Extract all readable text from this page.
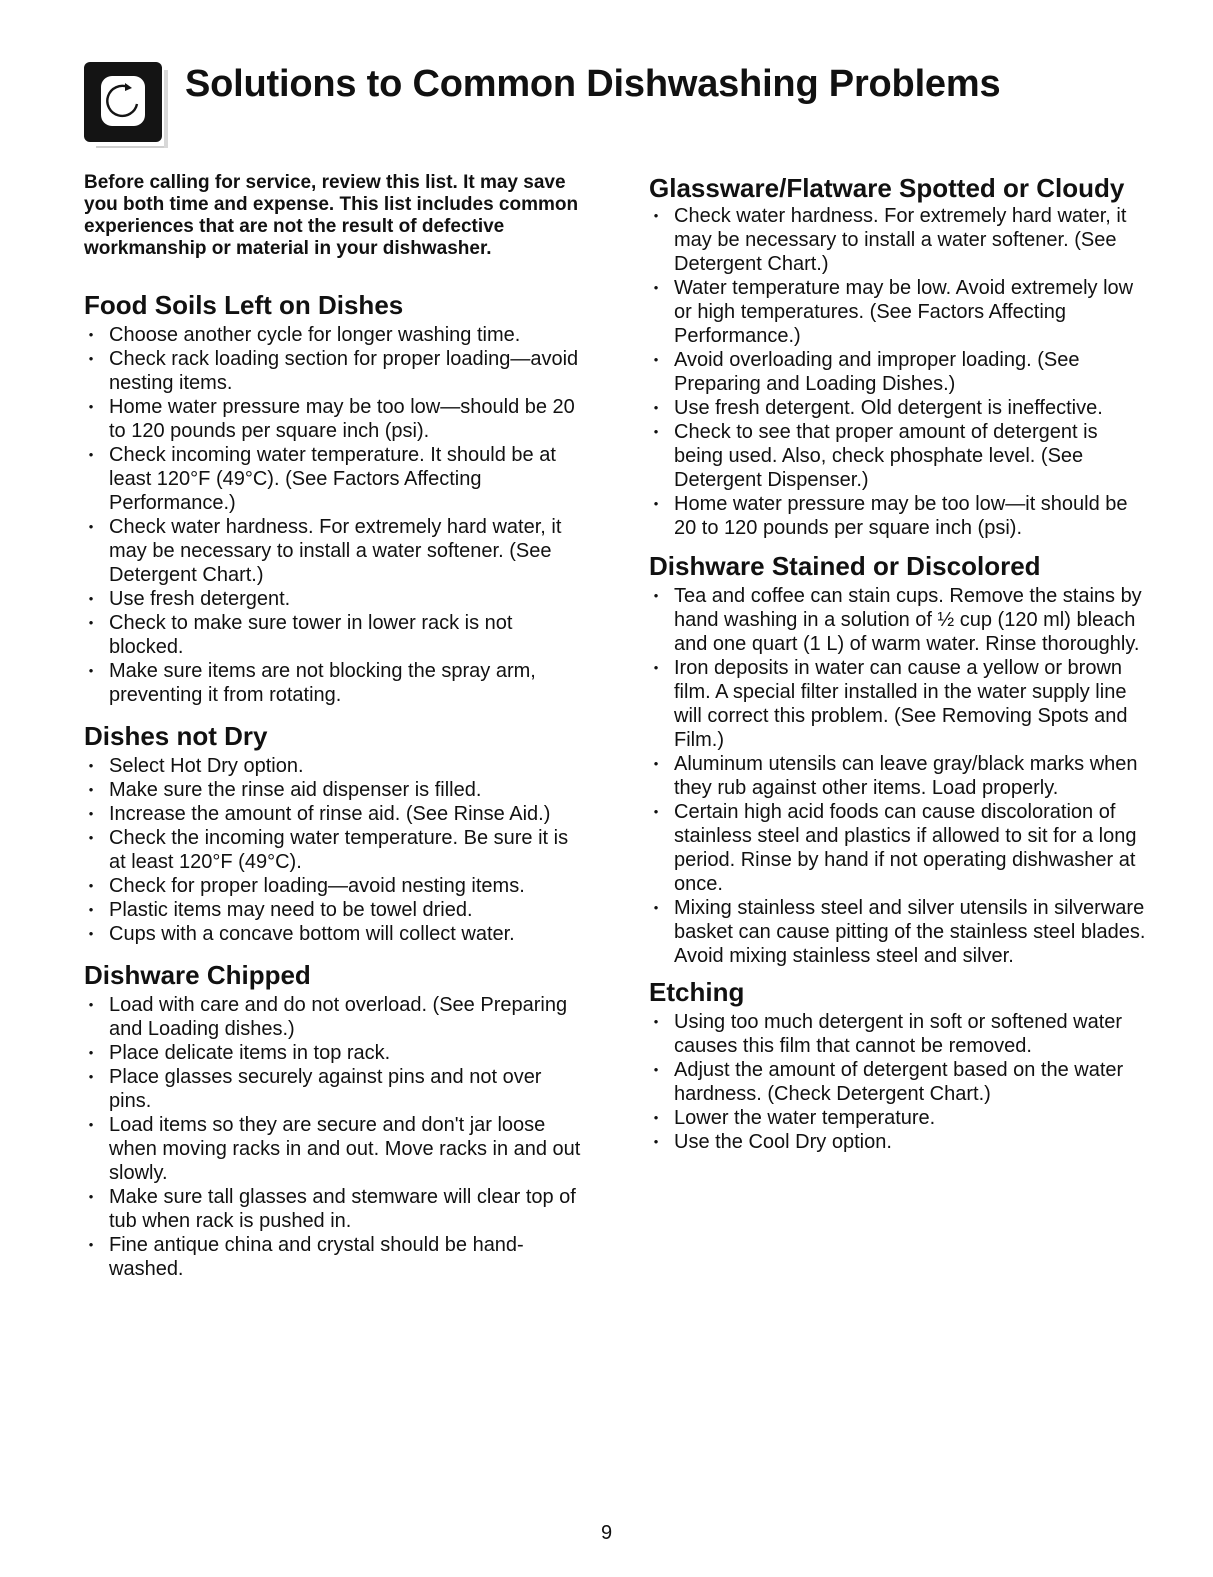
Solutions to Common Dishwashing Problems

Before calling for service, review this list. It may save you both time and expense. This list includes common experiences that are not the result of defective workmanship or material in your dishwasher.

Food Soils Left on Dishes
• Choose another cycle for longer washing time.
• Check rack loading section for proper loading—avoid nesting items.
• Home water pressure may be too low—should be 20 to 120 pounds per square inch (psi).
• Check incoming water temperature. It should be at least 120°F (49°C). (See Factors Affecting Performance.)
• Check water hardness. For extremely hard water, it may be necessary to install a water softener. (See Detergent Chart.)
• Use fresh detergent.
• Check to make sure tower in lower rack is not blocked.
• Make sure items are not blocking the spray arm, preventing it from rotating.
Dishes not Dry
• Select Hot Dry option.
• Make sure the rinse aid dispenser is filled.
• Increase the amount of rinse aid. (See Rinse Aid.)
• Check the incoming water temperature. Be sure it is at least 120°F (49°C).
• Check for proper loading—avoid nesting items.
• Plastic items may need to be towel dried.
• Cups with a concave bottom will collect water.
Dishware Chipped
• Load with care and do not overload. (See Preparing and Loading dishes.)
• Place delicate items in top rack.
• Place glasses securely against pins and not over pins.
• Load items so they are secure and don't jar loose when moving racks in and out. Move racks in and out slowly.
• Make sure tall glasses and stemware will clear top of tub when rack is pushed in.
• Fine antique china and crystal should be hand-washed.
Glassware/Flatware Spotted or Cloudy
• Check water hardness. For extremely hard water, it may be necessary to install a water softener. (See Detergent Chart.)
• Water temperature may be low. Avoid extremely low or high temperatures. (See Factors Affecting Performance.)
• Avoid overloading and improper loading. (See Preparing and Loading Dishes.)
• Use fresh detergent. Old detergent is ineffective.
• Check to see that proper amount of detergent is being used. Also, check phosphate level. (See Detergent Dispenser.)
• Home water pressure may be too low—it should be 20 to 120 pounds per square inch (psi).
Dishware Stained or Discolored
• Tea and coffee can stain cups. Remove the stains by hand washing in a solution of ½ cup (120 ml) bleach and one quart (1 L) of warm water. Rinse thoroughly.
• Iron deposits in water can cause a yellow or brown film. A special filter installed in the water supply line will correct this problem. (See Removing Spots and Film.)
• Aluminum utensils can leave gray/black marks when they rub against other items. Load properly.
• Certain high acid foods can cause discoloration of stainless steel and plastics if allowed to sit for a long period. Rinse by hand if not operating dishwasher at once.
• Mixing stainless steel and silver utensils in silverware basket can cause pitting of the stainless steel blades. Avoid mixing stainless steel and silver.
Etching
• Using too much detergent in soft or softened water causes this film that cannot be removed.
• Adjust the amount of detergent based on the water hardness. (Check Detergent Chart.)
• Lower the water temperature.
• Use the Cool Dry option.
9
